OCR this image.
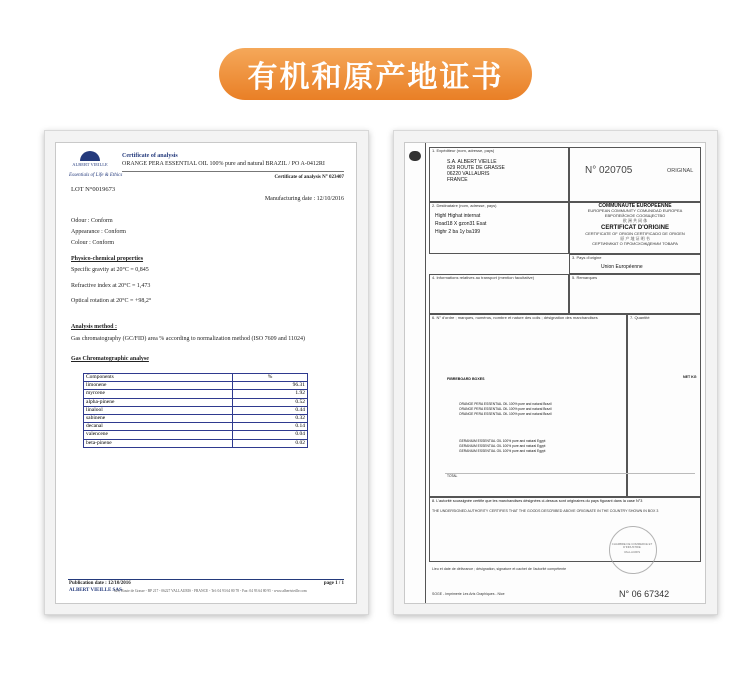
有机和原产地证书
ALBERT VIEILLE
Essentials of Life & Ethics
Certificate of analysis
ORANGE PERA ESSENTIAL OIL 100% pure and natural BRAZIL / PO A-0412RI
Certificate of analysis N° 023407
LOT N°0019673
Manufacturing date : 12/10/2016
Odour : Conform
Appearance : Conform
Colour : Conform
Physico-chemical properties
Specific gravity at 20°C = 0,845
Refractive index at 20°C = 1,473
Optical rotation at 20°C = +98,2°
Analysis method :
Gas chromatography (GC/FID) area % according to normalization method (ISO 7609 and 11024)
Gas Chromatographic analyse
Components	%
limonene	96.31
myrcene	1.92
alpha-pinene	0.52
linalool	0.44
sabinene	0.32
decanal	0.14
valencene	0.04
beta-pinene	0.02
Publication date : 12/10/2016	page 1 / 1
ALBERT VIEILLE SAS
629, Route de Grasse - BP 217 - 06227 VALLAURIS - FRANCE - Tel: 04 93 64 80 78 - Fax: 04 93 64 80 95 - www.albertvieille.com
1. Expéditeur (nom, adresse, pays)
S.A. ALBERT VIEILLE
629 ROUTE DE GRASSE
06220 VALLAURIS
FRANCE
N° 020705	ORIGINAL
2. Destinataire (nom, adresse, pays)
Highl Highat internat
Road18 X gzon31 Esat
Highr 2 ba 1y ba199
COMMUNAUTE EUROPEENNE
EUROPEAN COMMUNITY COMUNIDAD EUROPEA
ЕВРОПЕЙСКОЕ СООБЩЕСТВО
欧 洲 共 同 体
CERTIFICAT D'ORIGINE
CERTIFICATE OF ORIGIN CERTIFICADO DE ORIGEN
原 产 地 证 明 书
СЕРТИФИКАТ О ПРОИСХОЖДЕНИИ ТОВАРА
3. Pays d'origine
Union Européenne
4. Informations relatives au transport (mention facultative)	5. Remarques
6. N° d'ordre ; marques, numéros, nombre et nature des colis ; désignation des marchandises	7. Quantité
FIBREBOARD BOXES	NET KG
ORANGE PERA ESSENTIAL OIL 100% pure and natural Brazil
ORANGE PERA ESSENTIAL OIL 100% pure and natural Brazil
ORANGE PERA ESSENTIAL OIL 100% pure and natural Brazil
GERANIUM ESSENTIAL OIL 100% pure and natural Egypt
GERANIUM ESSENTIAL OIL 100% pure and natural Egypt
GERANIUM ESSENTIAL OIL 100% pure and natural Egypt
TOTAL
8. L'autorité soussignée certifie que les marchandises désignées ci-dessus sont originaires du pays figurant dans la case N°3
THE UNDERSIGNED AUTHORITY CERTIFIES THAT THE GOODS DESCRIBED ABOVE ORIGINATE IN THE COUNTRY SHOWN IN BOX 3
CHAMBRE DE COMMERCE ET D'INDUSTRIE
VALLAURIS
Lieu et date de délivrance ; désignation, signature et cachet de l'autorité compétente
SOGE - Imprimerie Les Arts Graphiques - Nice	N° 06 67342
